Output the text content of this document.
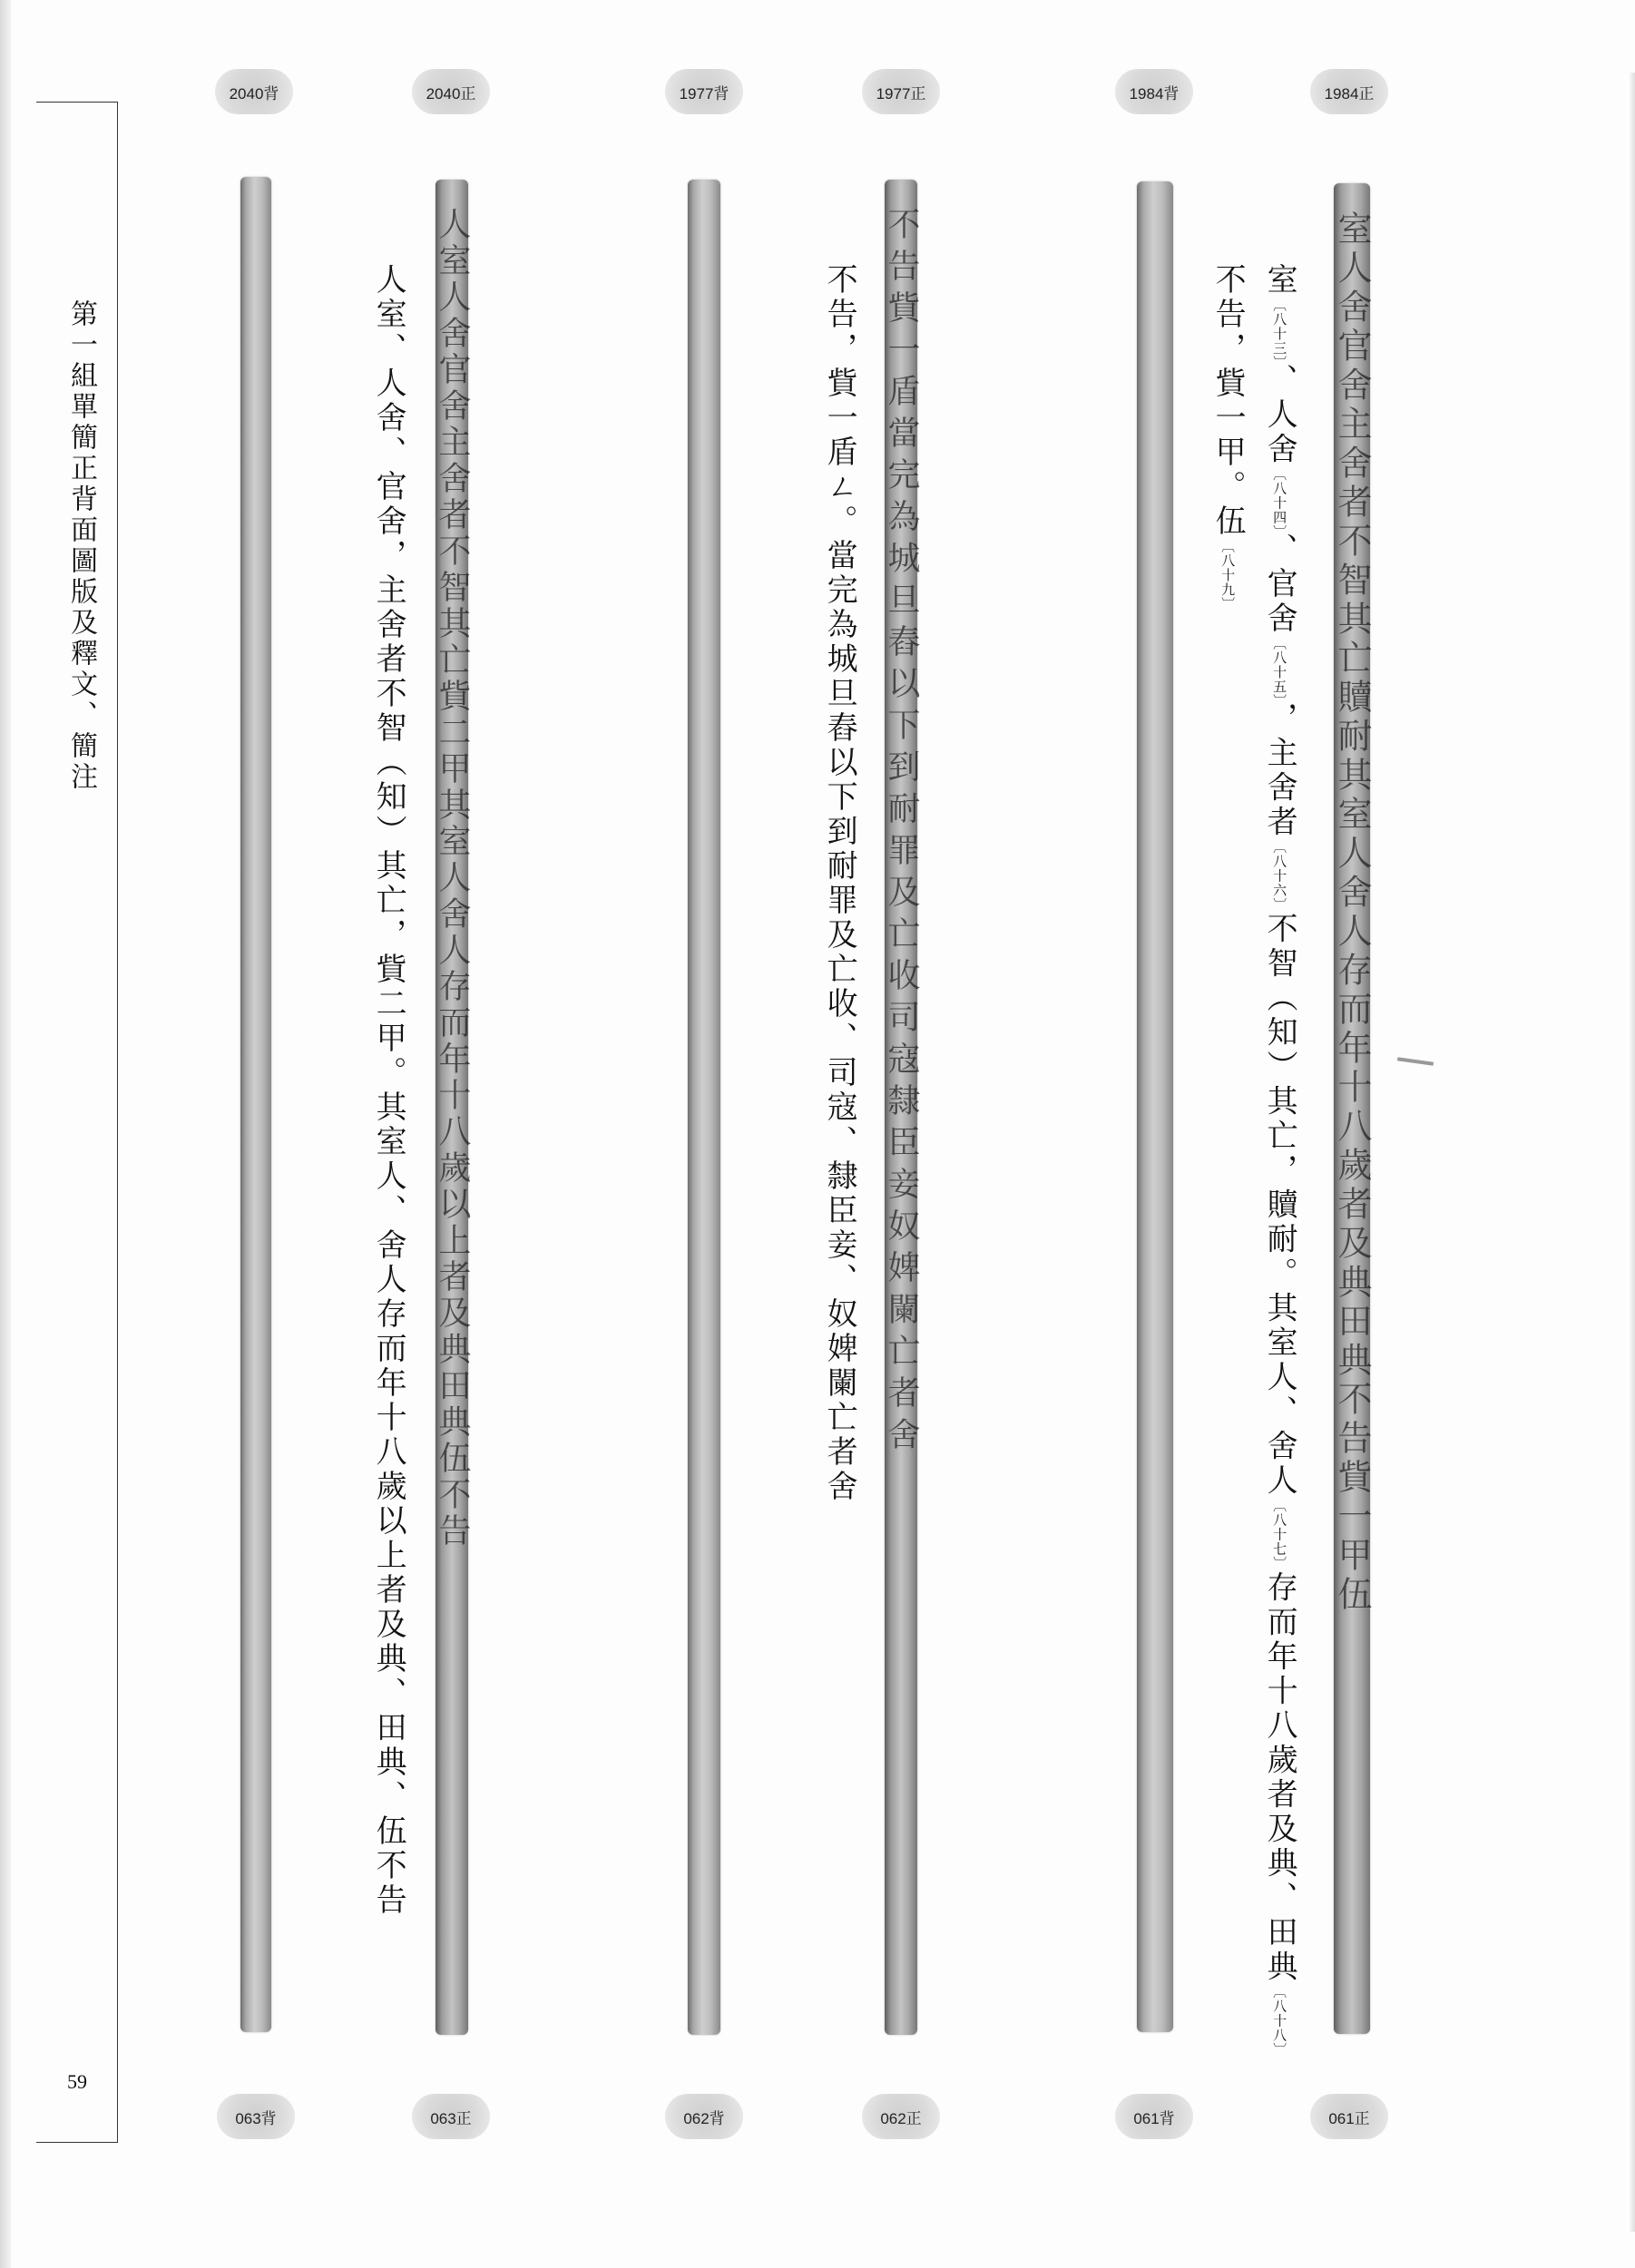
第一組單簡正背面圖版及釋文、簡注
59
2040背	2040正	1977背	1977正	1984背	1984正

人室人舍官舍主舍者不智其亡貲二甲其室人舍人存而年十八歲以上者及典田典伍不告
　　　　　　　　　　　	不告貲一盾當完為城旦舂以下到耐罪及亡收司寇隸臣妾奴婢闌亡者舍
　　　　	室人舍官舍主舍者不智其亡贖耐其室人舍人存而年十八歲者及典田典不告貲一甲伍
人室、人舍、官舍，主舍者不智（知）其亡，貲二甲。其室人、舍人存而年十八歲以上者及典、田典、伍不告	不告，貲一盾ㄥ。當完為城旦舂以下到耐罪及亡收、司寇、隸臣妾、奴婢闌亡者舍	室〔八十三〕、人舍〔八十四〕、官舍〔八十五〕，主舍者〔八十六〕不智（知）其亡，贖耐。其室人、舍人〔八十七〕存而年十八歲者及典、田典〔八十八〕
不告，貲一甲。伍〔八十九〕
063背	063正	062背	062正	061背	061正
